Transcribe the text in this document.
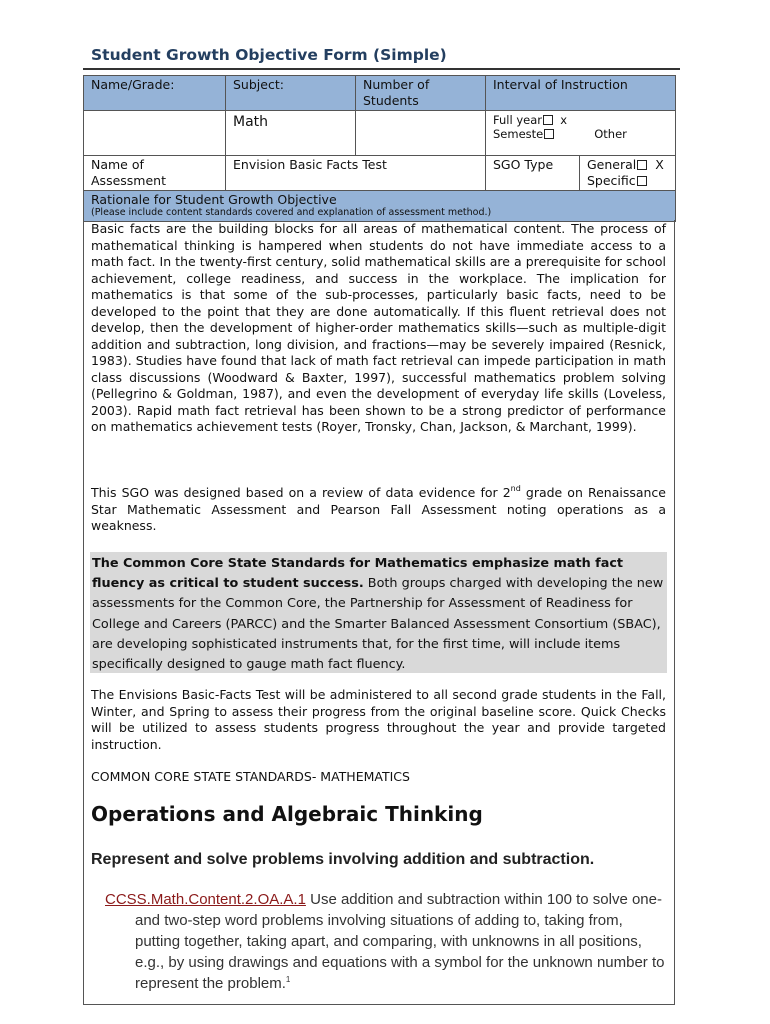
Student Growth Objective Form (Simple)
Name/Grade:	Subject:	Number of Students	Interval of Instruction	
	Math		Full year x
Semeste Other	

Name of Assessment	Envision Basic Facts Test		SGO Type	General X
Specific

Rationale for Student Growth Objective
(Please include content standards covered and explanation of assessment method.)				

Basic facts are the building blocks for all areas of mathematical content. The process of mathematical thinking is hampered when students do not have immediate access to a math fact. In the twenty-first century, solid mathematical skills are a prerequisite for school achievement, college readiness, and success in the workplace. The implication for mathematics is that some of the sub-processes, particularly basic facts, need to be developed to the point that they are done automatically. If this fluent retrieval does not develop, then the development of higher-order mathematics skills—such as multiple-digit addition and subtraction, long division, and fractions—may be severely impaired (Resnick, 1983). Studies have found that lack of math fact retrieval can impede participation in math class discussions (Woodward & Baxter, 1997), successful mathematics problem solving (Pellegrino & Goldman, 1987), and even the development of everyday life skills (Loveless, 2003). Rapid math fact retrieval has been shown to be a strong predictor of performance on mathematics achievement tests (Royer, Tronsky, Chan, Jackson, & Marchant, 1999).

This SGO was designed based on a review of data evidence for 2nd grade on Renaissance Star Mathematic Assessment and Pearson Fall Assessment noting operations as a weakness.

The Common Core State Standards for Mathematics emphasize math fact fluency as critical to student success. Both groups charged with developing the new assessments for the Common Core, the Partnership for Assessment of Readiness for College and Careers (PARCC) and the Smarter Balanced Assessment Consortium (SBAC), are developing sophisticated instruments that, for the first time, will include items specifically designed to gauge math fact fluency.

The Envisions Basic-Facts Test will be administered to all second grade students in the Fall, Winter, and Spring to assess their progress from the original baseline score. Quick Checks will be utilized to assess students progress throughout the year and provide targeted instruction.

COMMON CORE STATE STANDARDS- MATHEMATICS
Operations and Algebraic Thinking
Represent and solve problems involving addition and subtraction.

CCSS.Math.Content.2.OA.A.1 Use addition and subtraction within 100 to solve one- and two-step word problems involving situations of adding to, taking from, putting together, taking apart, and comparing, with unknowns in all positions, e.g., by using drawings and equations with a symbol for the unknown number to represent the problem.$^1$
